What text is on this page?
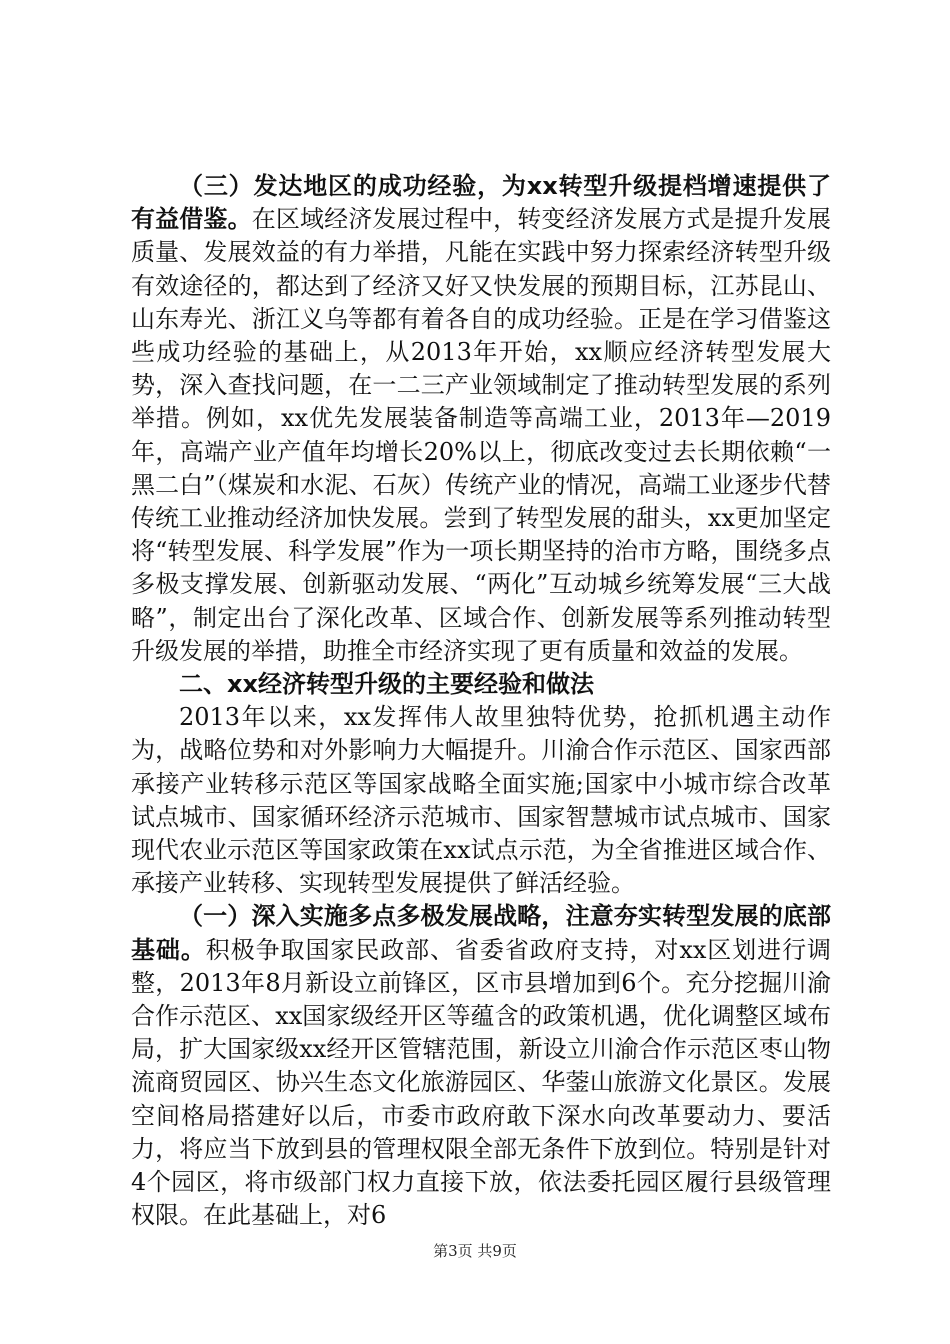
（三）发达地区的成功经验，为xx转型升级提档增速提供了有益借鉴。在区域经济发展过程中，转变经济发展方式是提升发展质量、发展效益的有力举措，凡能在实践中努力探索经济转型升级有效途径的，都达到了经济又好又快发展的预期目标，江苏昆山、山东寿光、浙江义乌等都有着各自的成功经验。正是在学习借鉴这些成功经验的基础上，从2013年开始，xx顺应经济转型发展大势，深入查找问题，在一二三产业领域制定了推动转型发展的系列举措。例如，xx优先发展装备制造等高端工业，2013年—2019年，高端产业产值年均增长20%以上，彻底改变过去长期依赖“一黑二白”（煤炭和水泥、石灰）传统产业的情况，高端工业逐步代替传统工业推动经济加快发展。尝到了转型发展的甜头，xx更加坚定将“转型发展、科学发展”作为一项长期坚持的治市方略，围绕多点多极支撑发展、创新驱动发展、“两化”互动城乡统筹发展“三大战略”，制定出台了深化改革、区域合作、创新发展等系列推动转型升级发展的举措，助推全市经济实现了更有质量和效益的发展。

二、xx经济转型升级的主要经验和做法

2013年以来，xx发挥伟人故里独特优势，抢抓机遇主动作为，战略位势和对外影响力大幅提升。川渝合作示范区、国家西部承接产业转移示范区等国家战略全面实施;国家中小城市综合改革试点城市、国家循环经济示范城市、国家智慧城市试点城市、国家现代农业示范区等国家政策在xx试点示范，为全省推进区域合作、承接产业转移、实现转型发展提供了鲜活经验。

（一）深入实施多点多极发展战略，注意夯实转型发展的底部基础。积极争取国家民政部、省委省政府支持，对xx区划进行调整，2013年8月新设立前锋区，区市县增加到6个。充分挖掘川渝合作示范区、xx国家级经开区等蕴含的政策机遇，优化调整区域布局，扩大国家级xx经开区管辖范围，新设立川渝合作示范区枣山物流商贸园区、协兴生态文化旅游园区、华蓥山旅游文化景区。发展空间格局搭建好以后，市委市政府敢下深水向改革要动力、要活力，将应当下放到县的管理权限全部无条件下放到位。特别是针对4个园区，将市级部门权力直接下放，依法委托园区履行县级管理权限。在此基础上，对6

第3页 共9页
